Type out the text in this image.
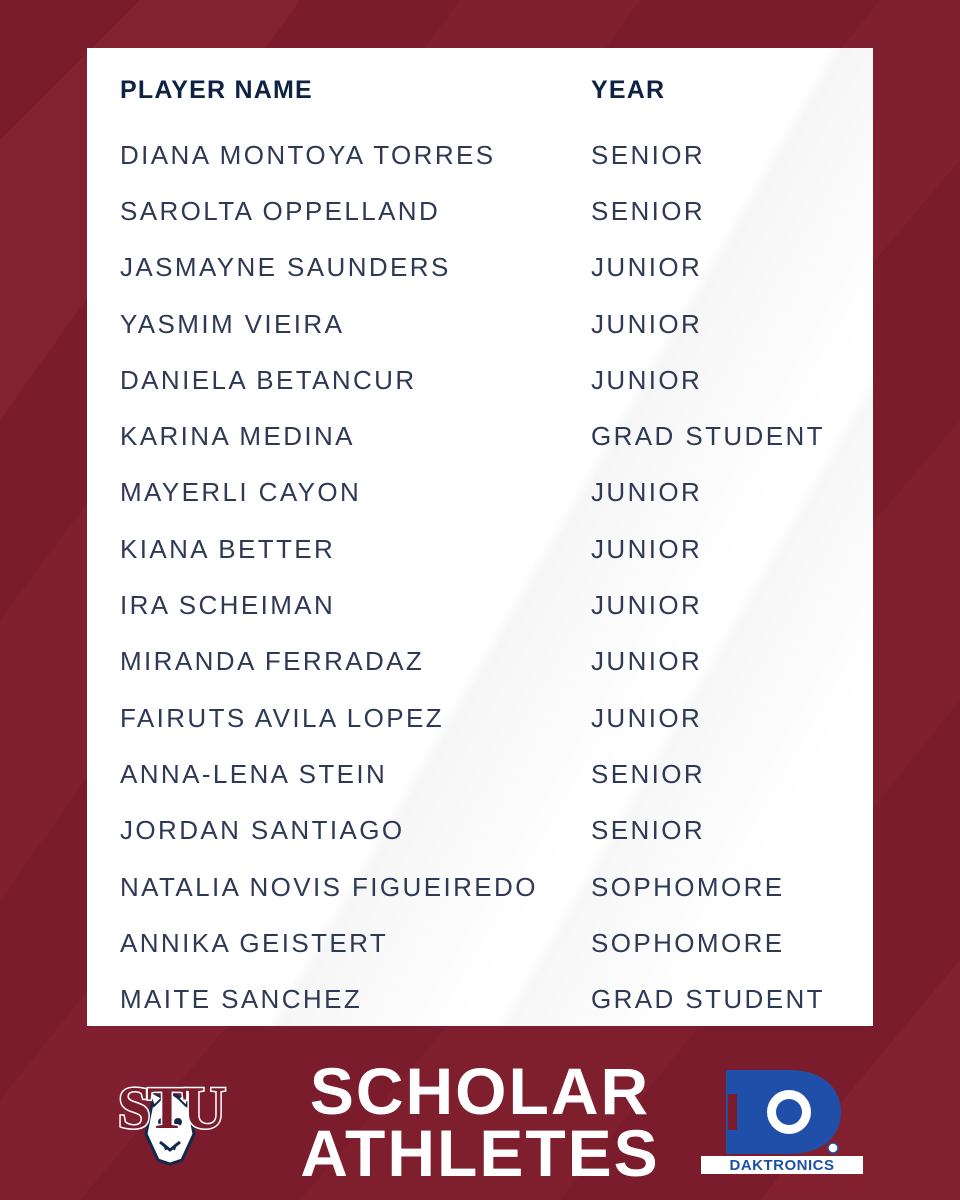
PLAYER NAME	YEAR
DIANA MONTOYA TORRES	SENIOR
SAROLTA OPPELLAND	SENIOR
JASMAYNE SAUNDERS	JUNIOR
YASMIM VIEIRA	JUNIOR
DANIELA BETANCUR	JUNIOR
KARINA MEDINA	GRAD STUDENT
MAYERLI CAYON	JUNIOR
KIANA BETTER	JUNIOR
IRA SCHEIMAN	JUNIOR
MIRANDA FERRADAZ	JUNIOR
FAIRUTS AVILA LOPEZ	JUNIOR
ANNA-LENA STEIN	SENIOR
JORDAN SANTIAGO	SENIOR
NATALIA NOVIS FIGUEIREDO	SOPHOMORE
ANNIKA GEISTERT	SOPHOMORE
MAITE SANCHEZ	GRAD STUDENT
STU	SCHOLAR
ATHLETES	DAKTRONICS
